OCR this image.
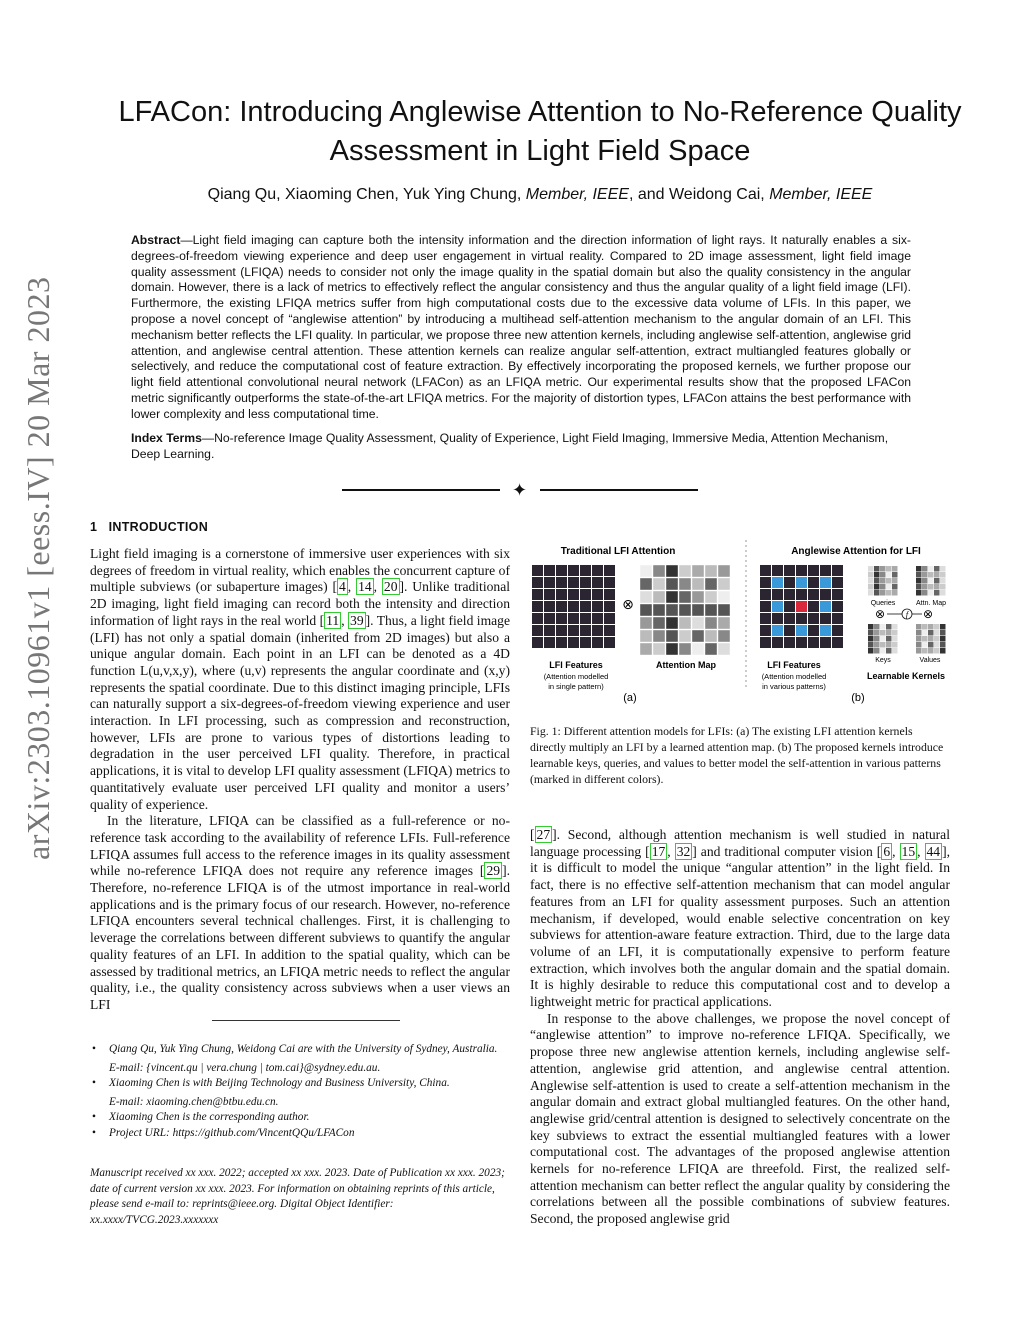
arXiv:2303.10961v1 [eess.IV] 20 Mar 2023
LFACon: Introducing Anglewise Attention to No-Reference Quality
Assessment in Light Field Space
Qiang Qu, Xiaoming Chen, Yuk Ying Chung, Member, IEEE, and Weidong Cai, Member, IEEE
Abstract—Light field imaging can capture both the intensity information and the direction information of light rays. It naturally enables a six-degrees-of-freedom viewing experience and deep user engagement in virtual reality. Compared to 2D image assessment, light field image quality assessment (LFIQA) needs to consider not only the image quality in the spatial domain but also the quality consistency in the angular domain. However, there is a lack of metrics to effectively reflect the angular consistency and thus the angular quality of a light field image (LFI). Furthermore, the existing LFIQA metrics suffer from high computational costs due to the excessive data volume of LFIs. In this paper, we propose a novel concept of “anglewise attention” by introducing a multihead self-attention mechanism to the angular domain of an LFI. This mechanism better reflects the LFI quality. In particular, we propose three new attention kernels, including anglewise self-attention, anglewise grid attention, and anglewise central attention. These attention kernels can realize angular self-attention, extract multiangled features globally or selectively, and reduce the computational cost of feature extraction. By effectively incorporating the proposed kernels, we further propose our light field attentional convolutional neural network (LFACon) as an LFIQA metric. Our experimental results show that the proposed LFACon metric significantly outperforms the state-of-the-art LFIQA metrics. For the majority of distortion types, LFACon attains the best performance with lower complexity and less computational time.
Index Terms—No-reference Image Quality Assessment, Quality of Experience, Light Field Imaging, Immersive Media, Attention Mechanism, Deep Learning.
✦
1 INTRODUCTION

Light field imaging is a cornerstone of immersive user experiences with six degrees of freedom in virtual reality, which enables the concurrent capture of multiple subviews (or subaperture images) [ 4 , 14 , 20 ]. Unlike traditional 2D imaging, light field imaging can record both the intensity and direction information of light rays in the real world [ 11 , 39 ]. Thus, a light field image (LFI) has not only a spatial domain (inherited from 2D images) but also a unique angular domain. Each point in an LFI can be denoted as a 4D function L(u,v,x,y), where (u,v) represents the angular coordinate and (x,y) represents the spatial coordinate. Due to this distinct imaging principle, LFIs can naturally support a six-degrees-of-freedom viewing experience and user interaction. In LFI processing, such as compression and reconstruction, however, LFIs are prone to various types of distortions leading to degradation in the user perceived LFI quality. Therefore, in practical applications, it is vital to develop LFI quality assessment (LFIQA) metrics to quantitatively evaluate user perceived LFI quality and monitor a users’ quality of experience.

In the literature, LFIQA can be classified as a full-reference or no-reference task according to the availability of reference LFIs. Full-reference LFIQA assumes full access to the reference images in its quality assessment while no-reference LFIQA does not require any reference images [ 29 ]. Therefore, no-reference LFIQA is of the utmost importance in real-world applications and is the primary focus of our research. However, no-reference LFIQA encounters several technical challenges. First, it is challenging to leverage the correlations between different subviews to quantify the angular quality features of an LFI. In addition to the spatial quality, which can be assessed by traditional metrics, an LFIQA metric needs to reflect the angular quality, i.e., the quality consistency across subviews when a user views an LFI

• Qiang Qu, Yuk Ying Chung, Weidong Cai are with the University of Sydney, Australia.
E-mail: {vincent.qu | vera.chung | tom.cai}@sydney.edu.au.
• Xiaoming Chen is with Beijing Technology and Business University, China.
E-mail: xiaoming.chen@btbu.edu.cn.
• Xiaoming Chen is the corresponding author.
• Project URL: https://github.com/VincentQQu/LFACon
Manuscript received xx xxx. 2022; accepted xx xxx. 2023. Date of Publication xx xxx. 2023; date of current version xx xxx. 2023. For information on obtaining reprints of this article, please send e-mail to: reprints@ieee.org. Digital Object Identifier: xx.xxxx/TVCG.2023.xxxxxxx
Traditional LFI Attention	Anglewise Attention for LFI
LFI Features
(Attention modelled
in single pattern)
Attention Map	LFI Features
(Attention modelled
in various patterns)
⊗	Queries	Attn. Map
⊗	f ⊗
Keys	Values
Learnable Kernels
(a)	(b)
Fig. 1: Different attention models for LFIs: (a) The existing LFI attention kernels directly multiply an LFI by a learned attention map. (b) The proposed kernels introduce learnable keys, queries, and values to better model the self-attention in various patterns (marked in different colors).

[ 27 ]. Second, although attention mechanism is well studied in natural language processing [ 17 , 32 ] and traditional computer vision [ 6 , 15 , 44 ], it is difficult to model the unique “angular attention” in the light field. In fact, there is no effective self-attention mechanism that can model angular features from an LFI for quality assessment purposes. Such an attention mechanism, if developed, would enable selective concentration on key subviews for attention-aware feature extraction. Third, due to the large data volume of an LFI, it is computationally expensive to perform feature extraction, which involves both the angular domain and the spatial domain. It is highly desirable to reduce this computational cost and to develop a lightweight metric for practical applications.

In response to the above challenges, we propose the novel concept of “anglewise attention” to improve no-reference LFIQA. Specifically, we propose three new anglewise attention kernels, including anglewise self-attention, anglewise grid attention, and anglewise central attention. Anglewise self-attention is used to create a self-attention mechanism in the angular domain and extract global multiangled features. On the other hand, anglewise grid/central attention is designed to selectively concentrate on the key subviews to extract the essential multiangled features with a lower computational cost. The advantages of the proposed anglewise attention kernels for no-reference LFIQA are threefold. First, the realized self-attention mechanism can better reflect the angular quality by considering the correlations between all the possible combinations of subview features. Second, the proposed anglewise grid
